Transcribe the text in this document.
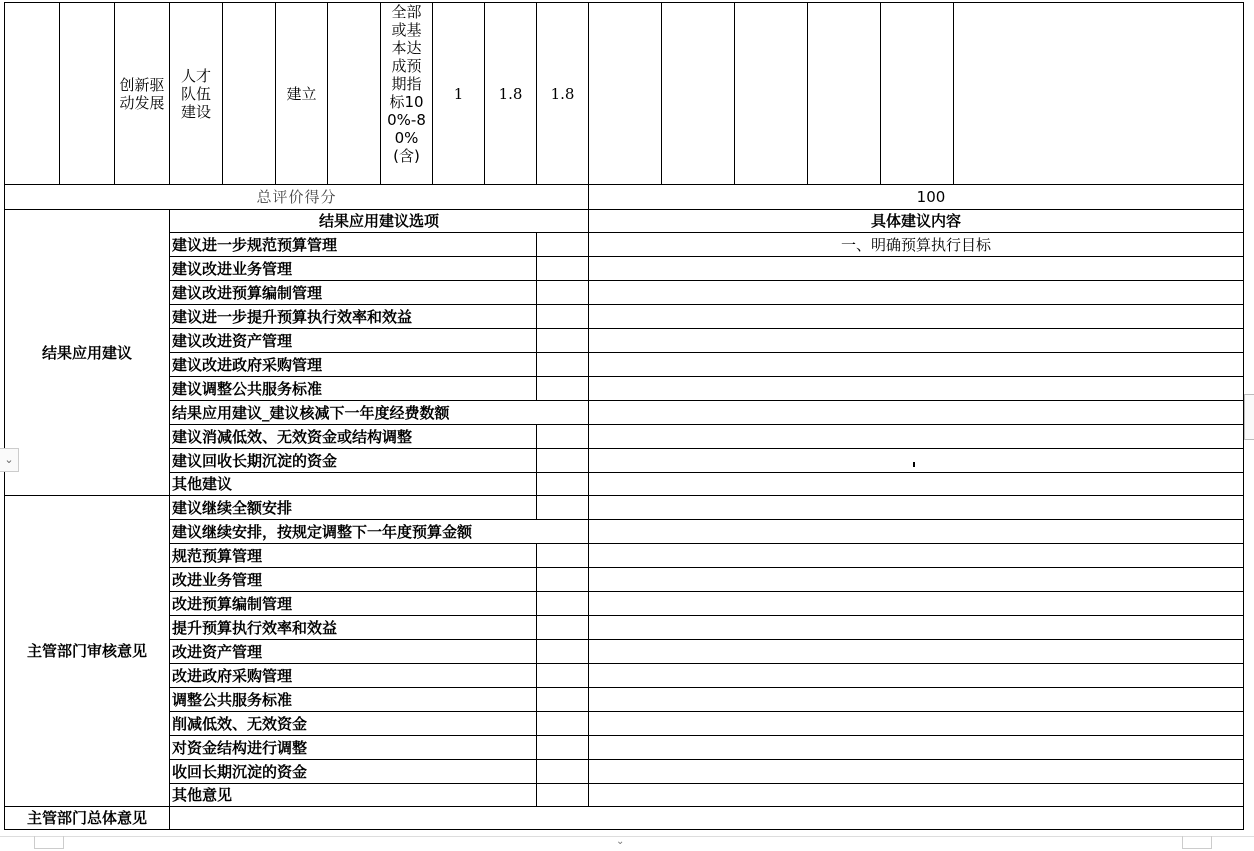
		创新驱动发展	人才队伍建设		建立		全部或基本达成预期指标100%-80%(含)	1	1.8	1.8						
总评价得分											100					
结果应用建议			结果应用建议选项								具体建议内容					
			建议进一步规范预算管理								一、明确预算执行目标					
			建议改进业务管理													
			建议改进预算编制管理													
			建议进一步提升预算执行效率和效益													
			建议改进资产管理													
			建议改进政府采购管理													
			建议调整公共服务标准													
			结果应用建议_建议核减下一年度经费数额													
			建议消减低效、无效资金或结构调整													
			建议回收长期沉淀的资金													
			其他建议													
主管部门审核意见			建议继续全额安排													
			建议继续安排，按规定调整下一年度预算金额													
			规范预算管理													
			改进业务管理													
			改进预算编制管理													
			提升预算执行效率和效益													
			改进资产管理													
			改进政府采购管理													
			调整公共服务标准													
			削减低效、无效资金													
			对资金结构进行调整													
			收回长期沉淀的资金													
			其他意见													
主管部门总体意见																
⌄
⌄
